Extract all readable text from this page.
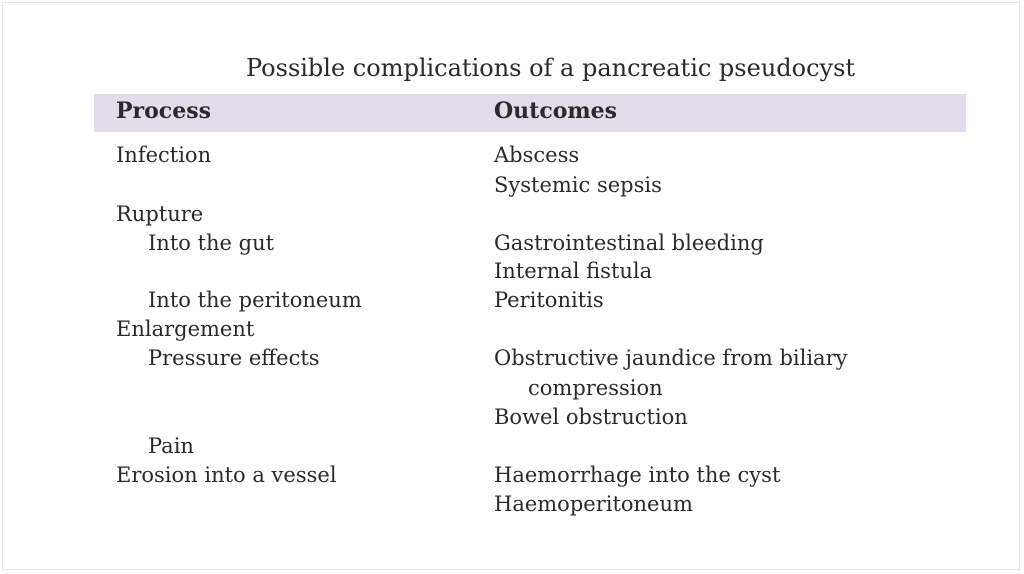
Possible complications of a pancreatic pseudocyst
Process	Outcomes
Infection
Rupture
Into the gut
Into the peritoneum
Enlargement
Pressure effects
Pain
Erosion into a vessel
Abscess
Systemic sepsis
Gastrointestinal bleeding
Internal fistula
Peritonitis
Obstructive jaundice from biliary
compression
Bowel obstruction
Haemorrhage into the cyst
Haemoperitoneum
